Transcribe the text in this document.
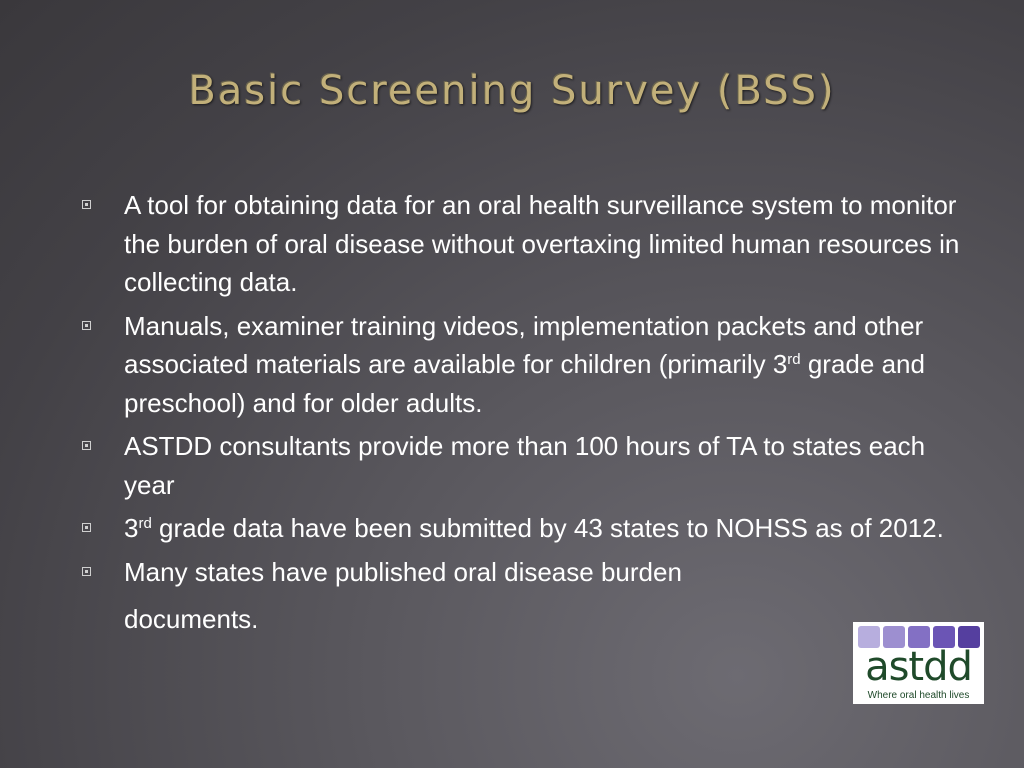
Basic Screening Survey (BSS)
A tool for obtaining data for an oral health surveillance system to monitor the burden of oral disease without overtaxing limited human resources in collecting data.
Manuals, examiner training videos, implementation packets and other associated materials are available for children (primarily 3rd grade and preschool) and for older adults.
ASTDD consultants provide more than 100 hours of TA to states each year
3rd grade data have been submitted by 43 states to NOHSS as of 2012.
Many states have published oral disease burden
documents.
astdd
Where oral health lives
